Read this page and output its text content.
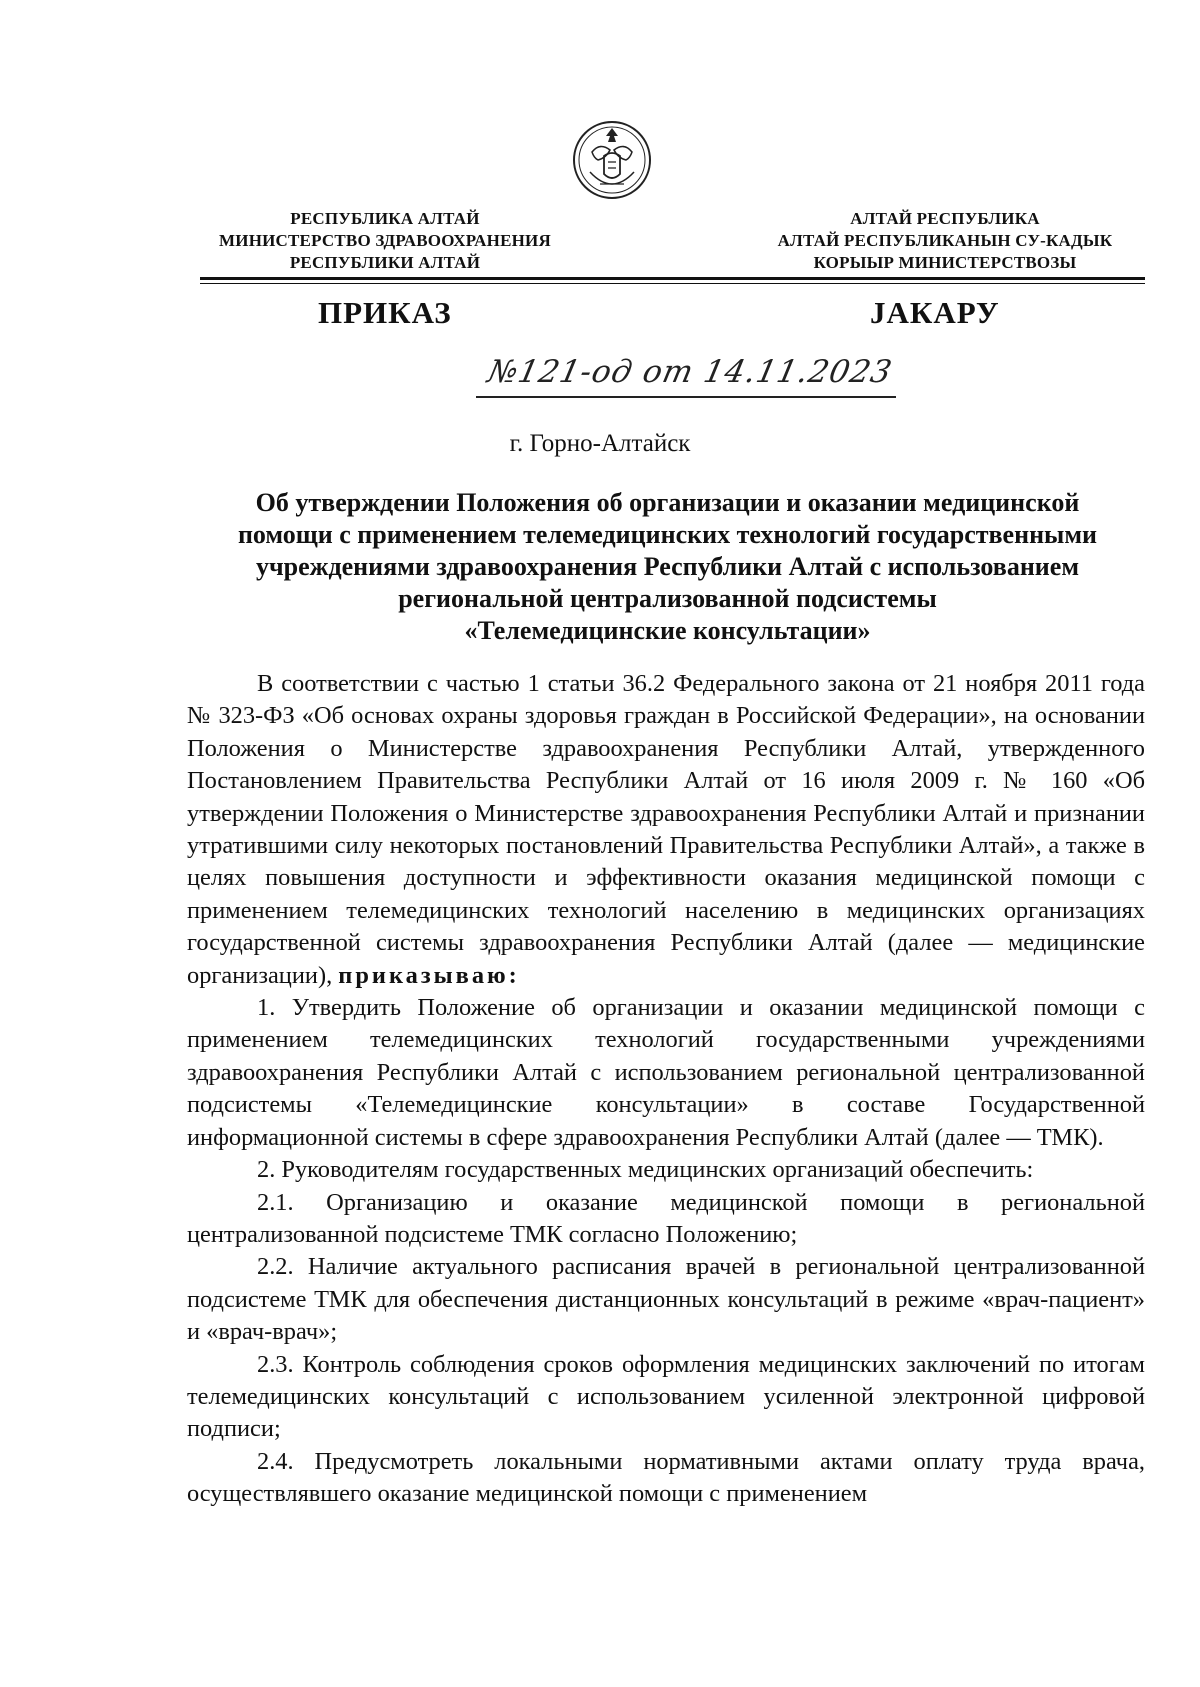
РЕСПУБЛИКА АЛТАЙ
МИНИСТЕРСТВО ЗДРАВООХРАНЕНИЯ
РЕСПУБЛИКИ АЛТАЙ
АЛТАЙ РЕСПУБЛИКА
АЛТАЙ РЕСПУБЛИКАНЫН СУ-КАДЫК
КОРЫЫР МИНИСТЕРСТВОЗЫ
ПРИКАЗ	JАКАРУ
№121-од от 14.11.2023
г. Горно-Алтайск
Об утверждении Положения об организации и оказании медицинской
помощи с применением телемедицинских технологий государственными
учреждениями здравоохранения Республики Алтай с использованием
региональной централизованной подсистемы
«Телемедицинские консультации»

В соответствии с частью 1 статьи 36.2 Федерального закона от 21 ноября 2011 года № 323-ФЗ «Об основах охраны здоровья граждан в Российской Федерации», на основании Положения о Министерстве здравоохранения Республики Алтай, утвержденного Постановлением Правительства Республики Алтай от 16 июля 2009 г. № 160 «Об утверждении Положения о Министерстве здравоохранения Республики Алтай и признании утратившими силу некоторых постановлений Правительства Республики Алтай», а также в целях повышения доступности и эффективности оказания медицинской помощи с применением телемедицинских технологий населению в медицинских организациях государственной системы здравоохранения Республики Алтай (далее — медицинские организации), приказываю:

1. Утвердить Положение об организации и оказании медицинской помощи с применением телемедицинских технологий государственными учреждениями здравоохранения Республики Алтай с использованием региональной централизованной подсистемы «Телемедицинские консультации» в составе Государственной информационной системы в сфере здравоохранения Республики Алтай (далее — ТМК).

2. Руководителям государственных медицинских организаций обеспечить:

2.1. Организацию и оказание медицинской помощи в региональной централизованной подсистеме ТМК согласно Положению;

2.2. Наличие актуального расписания врачей в региональной централизованной подсистеме ТМК для обеспечения дистанционных консультаций в режиме «врач-пациент» и «врач-врач»;

2.3. Контроль соблюдения сроков оформления медицинских заключений по итогам телемедицинских консультаций с использованием усиленной электронной цифровой подписи;

2.4. Предусмотреть локальными нормативными актами оплату труда врача, осуществлявшего оказание медицинской помощи с применением
